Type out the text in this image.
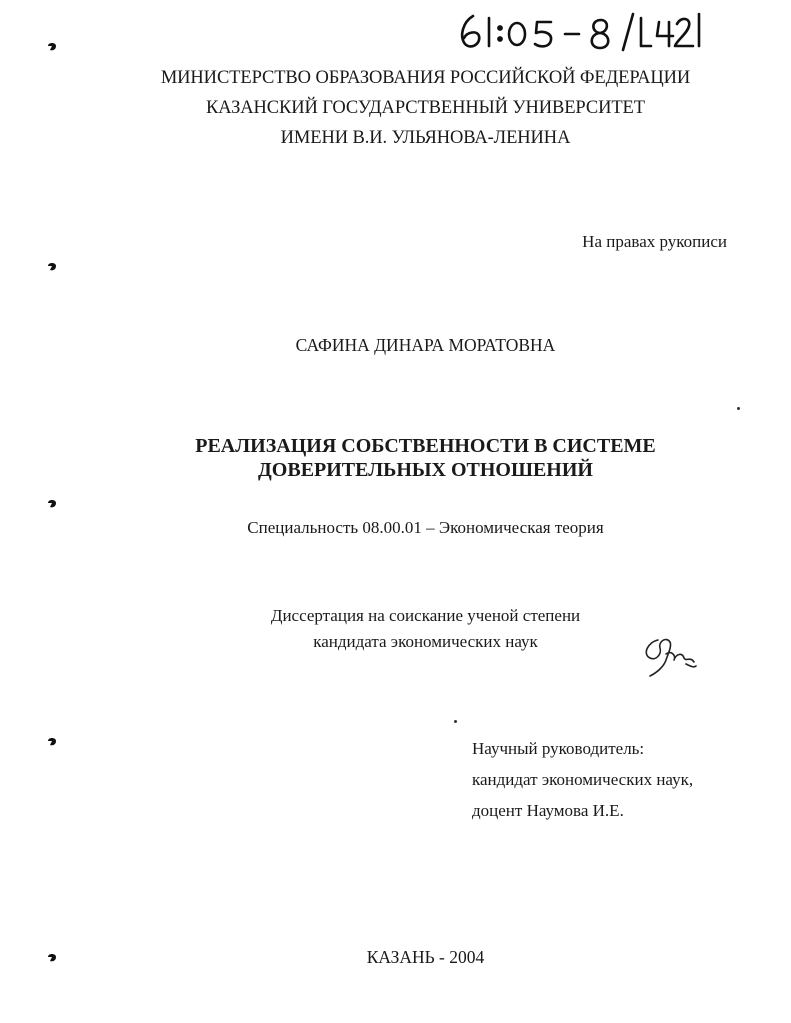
61:05-8/1421
МИНИСТЕРСТВО ОБРАЗОВАНИЯ РОССИЙСКОЙ ФЕДЕРАЦИИ
КАЗАНСКИЙ ГОСУДАРСТВЕННЫЙ УНИВЕРСИТЕТ
ИМЕНИ В.И. УЛЬЯНОВА-ЛЕНИНА
На правах рукописи
САФИНА ДИНАРА МОРАТОВНА
РЕАЛИЗАЦИЯ СОБСТВЕННОСТИ В СИСТЕМЕ
ДОВЕРИТЕЛЬНЫХ ОТНОШЕНИЙ
Специальность 08.00.01 – Экономическая теория
Диссертация на соискание ученой степени
кандидата экономических наук
Научный руководитель:
кандидат экономических наук,
доцент Наумова И.Е.
КАЗАНЬ - 2004
